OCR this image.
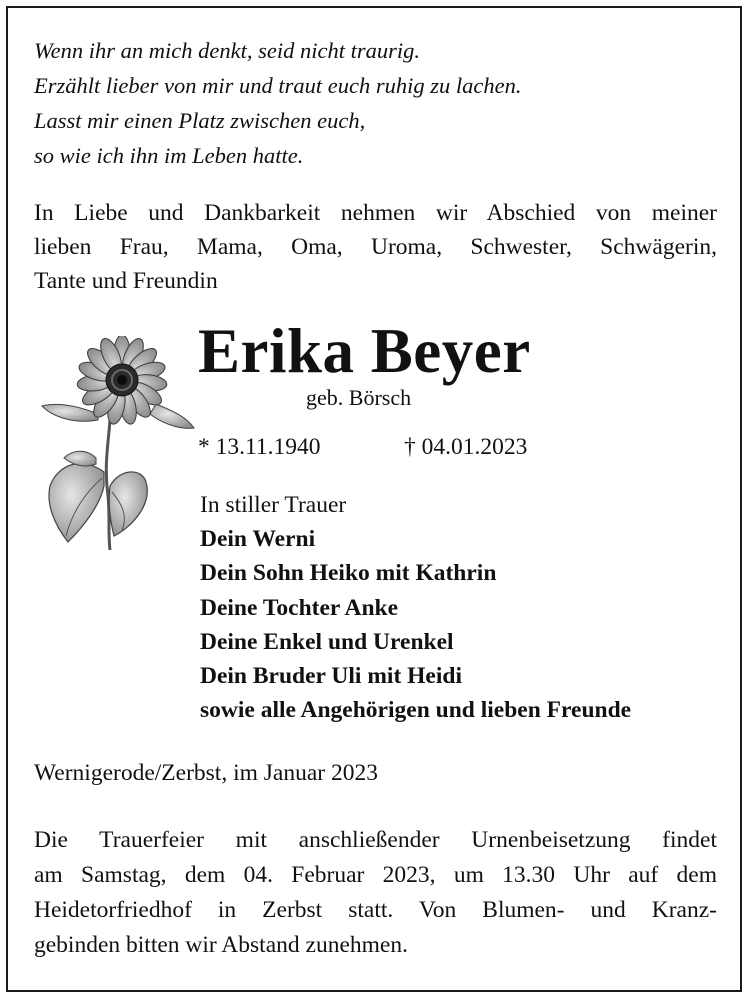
Wenn ihr an mich denkt, seid nicht traurig.
Erzählt lieber von mir und traut euch ruhig zu lachen.
Lasst mir einen Platz zwischen euch,
so wie ich ihn im Leben hatte.
In Liebe und Dankbarkeit nehmen wir Abschied von meiner
lieben Frau, Mama, Oma, Uroma, Schwester, Schwägerin,
Tante und Freundin
Erika Beyer
geb. Börsch
* 13.11.1940	† 04.01.2023
In stiller Trauer
Dein Werni
Dein Sohn Heiko mit Kathrin
Deine Tochter Anke
Deine Enkel und Urenkel
Dein Bruder Uli mit Heidi
sowie alle Angehörigen und lieben Freunde
Wernigerode/Zerbst, im Januar 2023
Die Trauerfeier mit anschließender Urnenbeisetzung findet
am Samstag, dem 04. Februar 2023, um 13.30 Uhr auf dem
Heidetorfriedhof in Zerbst statt. Von Blumen- und Kranz-
gebinden bitten wir Abstand zunehmen.
